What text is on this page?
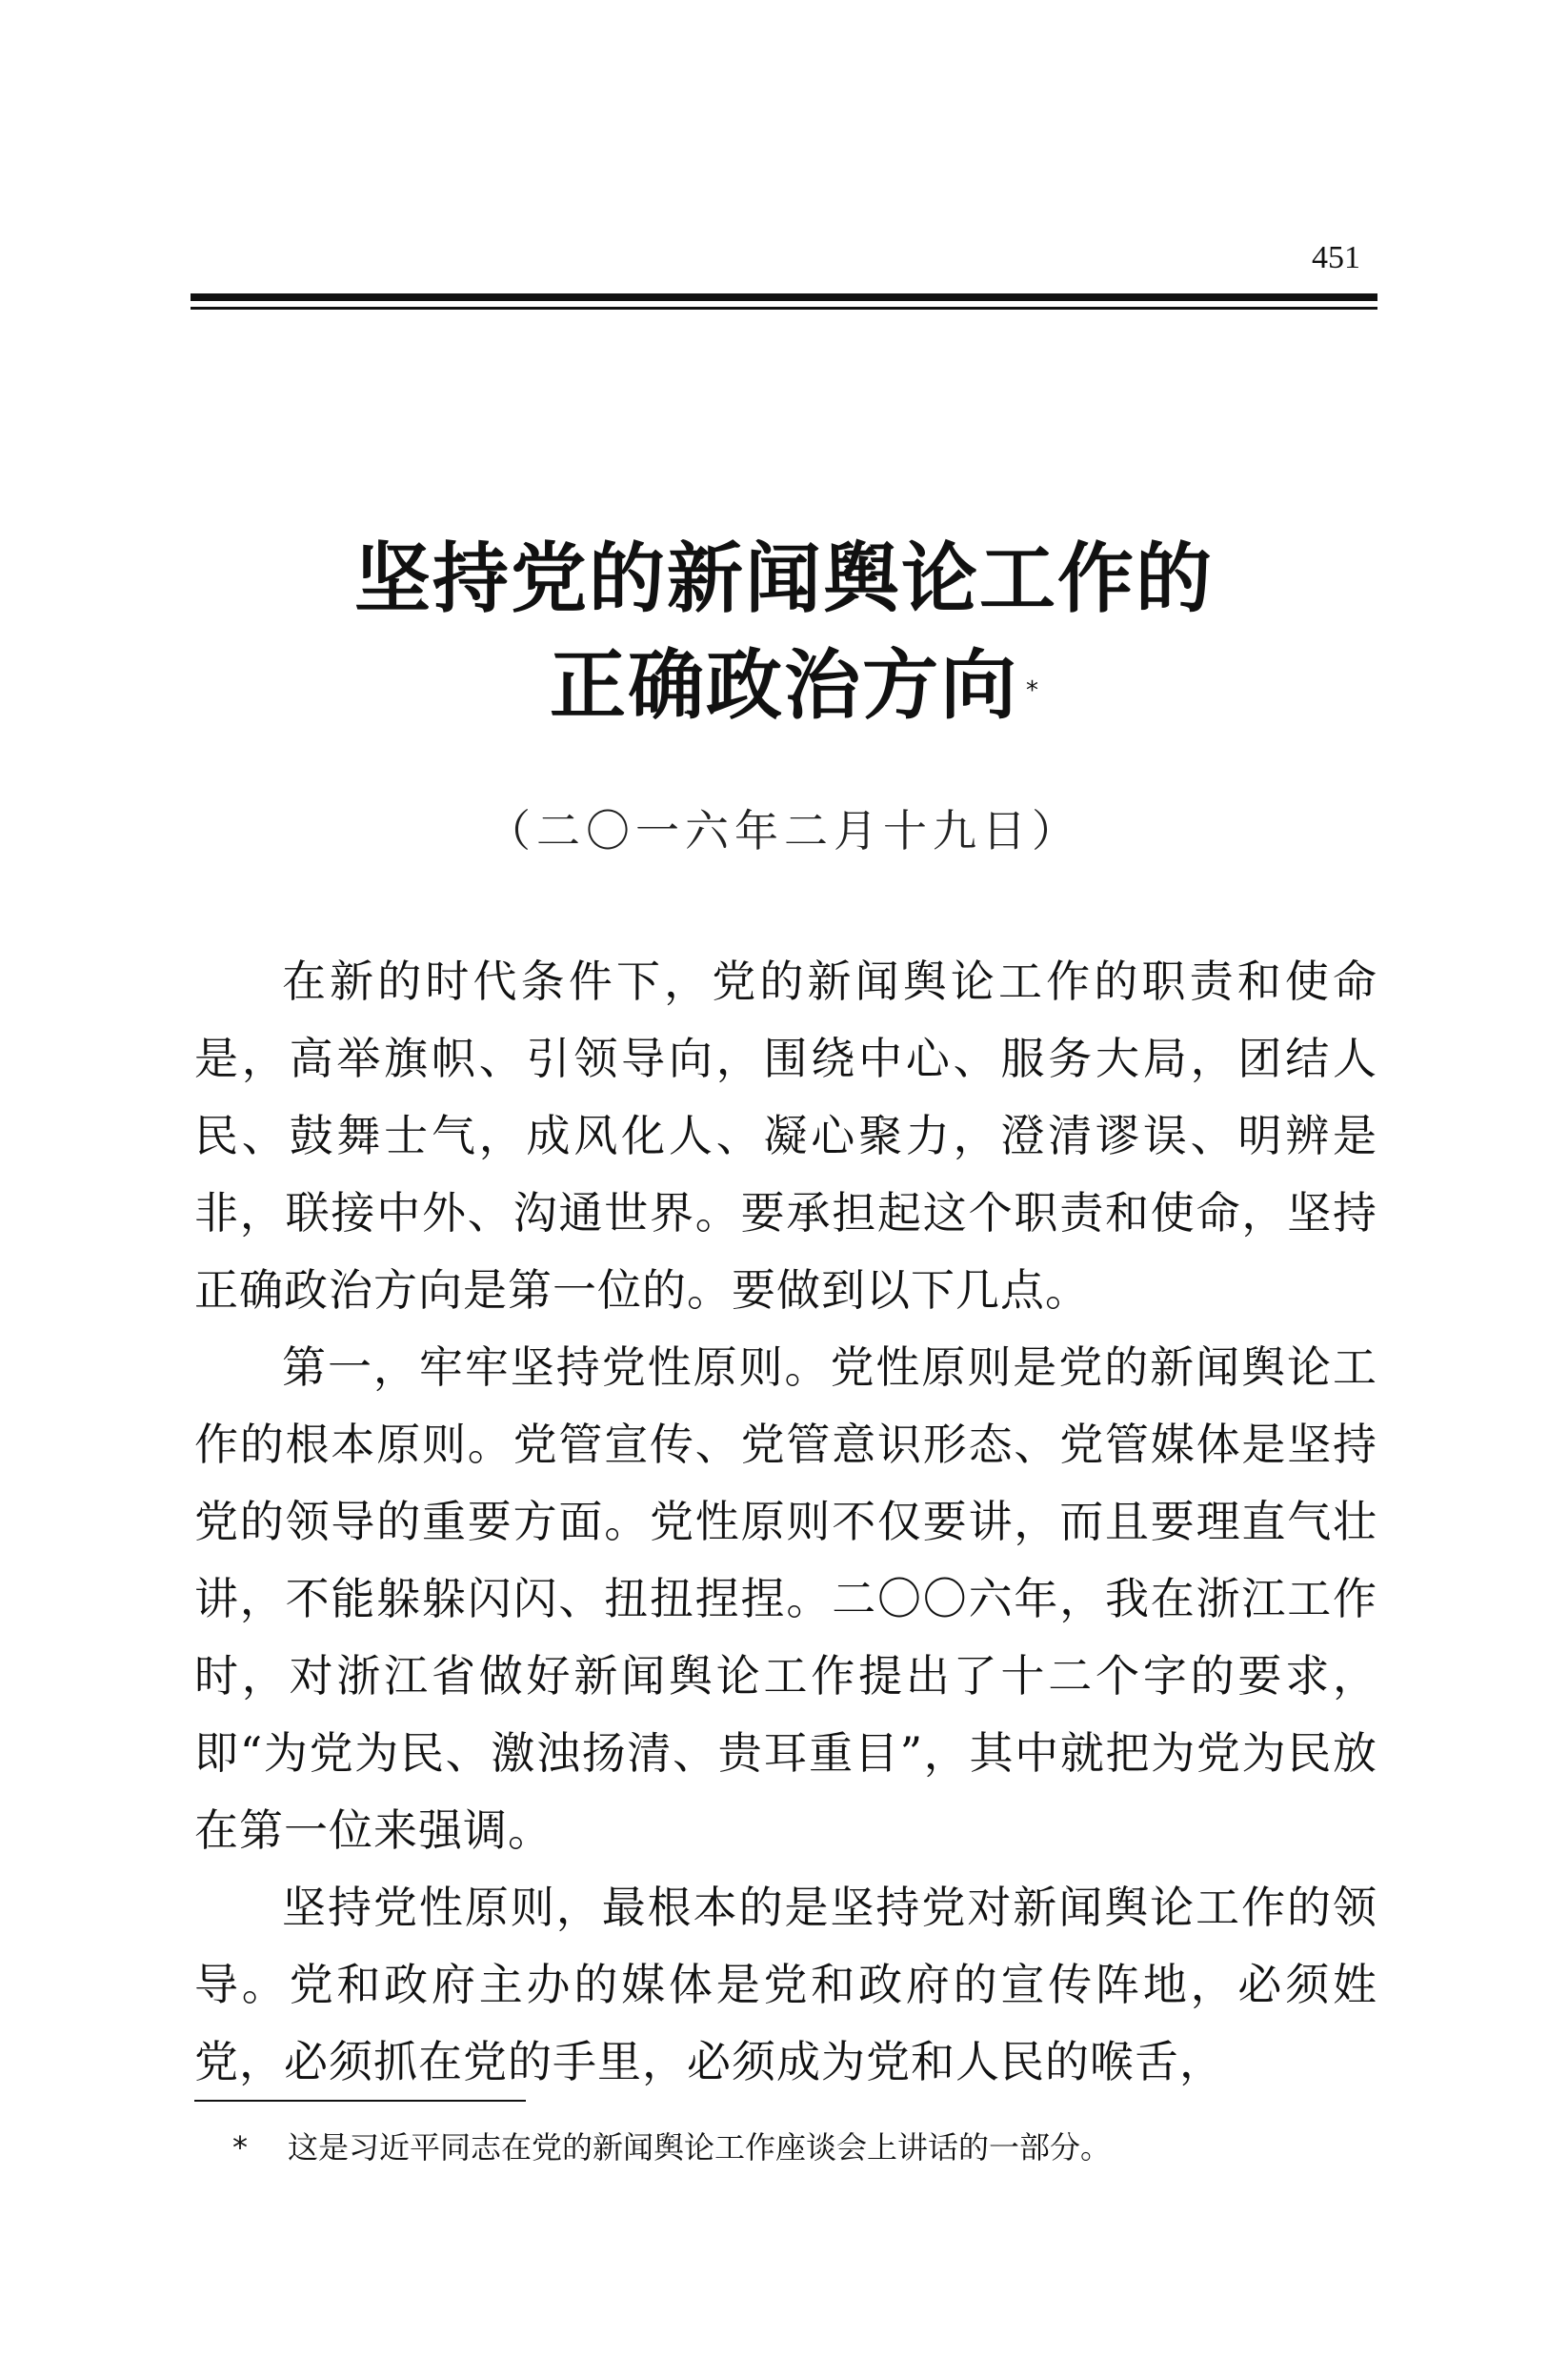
451
坚持党的新闻舆论工作的
正确政治方向 *
（二〇一六年二月十九日）

在新的时代条件下，党的新闻舆论工作的职责和使命是，高举旗帜、引领导向，围绕中心、服务大局，团结人民、鼓舞士气，成风化人、凝心聚力，澄清谬误、明辨是非，联接中外、沟通世界。要承担起这个职责和使命，坚持正确政治方向是第一位的。要做到以下几点。

第一，牢牢坚持党性原则。党性原则是党的新闻舆论工作的根本原则。党管宣传、党管意识形态、党管媒体是坚持党的领导的重要方面。党性原则不仅要讲，而且要理直气壮讲，不能躲躲闪闪、扭扭捏捏。二〇〇六年，我在浙江工作时，对浙江省做好新闻舆论工作提出了十二个字的要求，即“为党为民、激浊扬清、贵耳重目”，其中就把为党为民放在第一位来强调。

坚持党性原则，最根本的是坚持党对新闻舆论工作的领导。党和政府主办的媒体是党和政府的宣传阵地，必须姓党，必须抓在党的手里，必须成为党和人民的喉舌，

* 这是习近平同志在党的新闻舆论工作座谈会上讲话的一部分。
